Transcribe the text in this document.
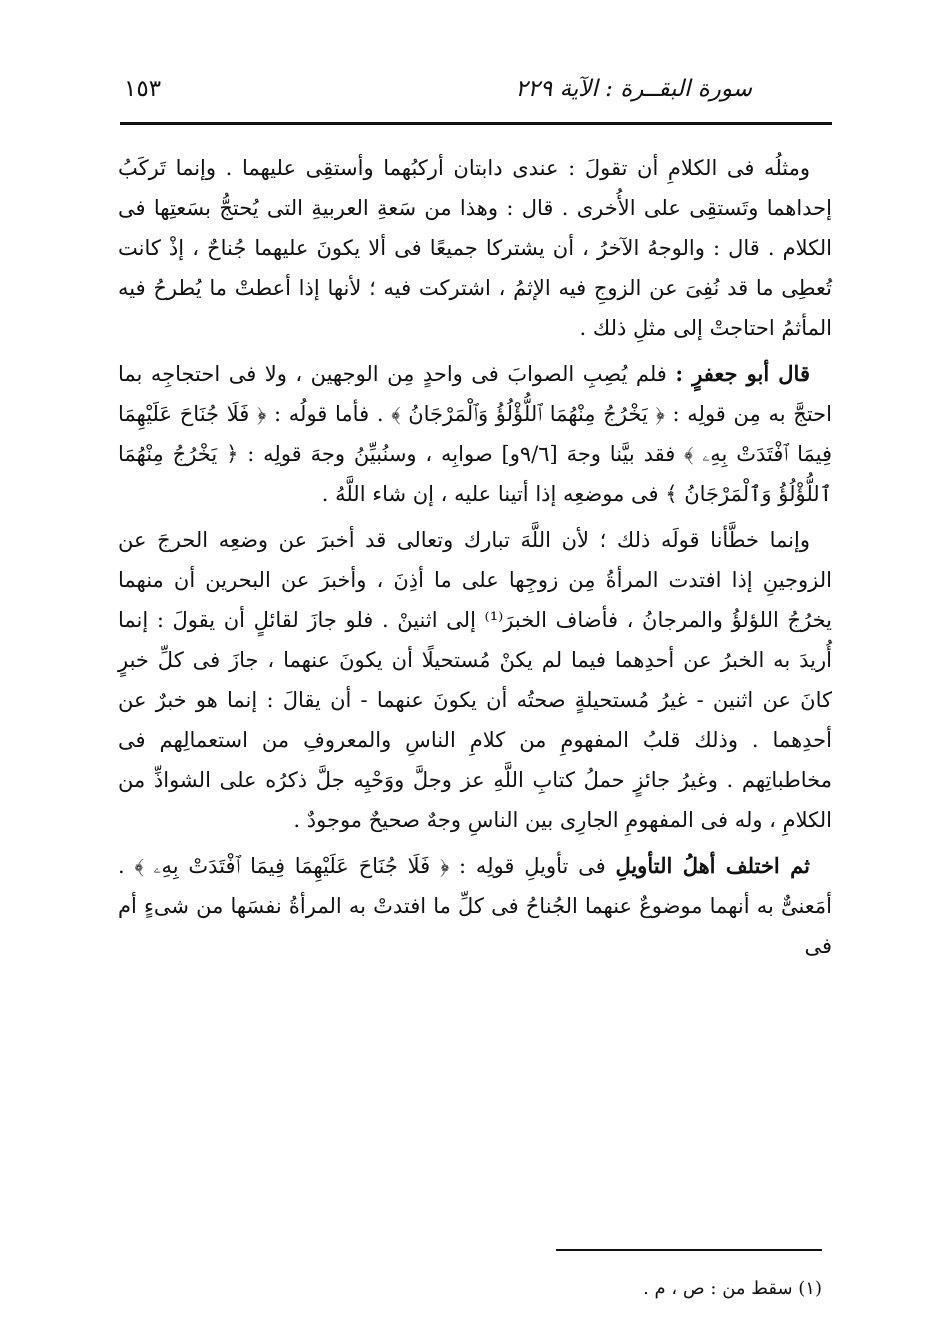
سورة البقــرة : الآية ٢٢٩
١٥٣

ومثلُه فى الكلامِ أن تقولَ : عندى دابتان أركبُهما وأستقِى عليهما . وإنما تَركَبُ إحداهما وتَستقِى على الأُخرى . قال : وهذا من سَعةِ العربيةِ التى يُحتجُّ بسَعتِها فى الكلام . قال : والوجهُ الآخرُ ، أن يشتركا جميعًا فى ألا يكونَ عليهما جُناحٌ ، إذْ كانت تُعطِى ما قد نُفِىَ عن الزوجِ فيه الإثمُ ، اشتركت فيه ؛ لأنها إذا أعطتْ ما يُطرحُ فيه المأثمُ احتاجتْ إلى مثلِ ذلك .

قال أبو جعفرٍ : فلم يُصِبِ الصوابَ فى واحدٍ مِن الوجهين ، ولا فى احتجاجِه بما احتجَّ به مِن قولِه : ﴿ يَخْرُجُ مِنْهُمَا ٱللُّؤْلُؤُ وَٱلْمَرْجَانُ ﴾ . فأما قولُه : ﴿ فَلَا جُنَاحَ عَلَيْهِمَا فِيمَا ٱفْتَدَتْ بِهِۦ ﴾ فقد بيَّنا وجهَ [٩/٦و] صوابِه ، وسنُبيِّنُ وجهَ قولِه : ﴿ يَخْرُجُ مِنْهُمَا ٱللُّؤْلُؤُ وَٱلْمَرْجَانُ ﴾ فى موضعِه إذا أتينا عليه ، إن شاء اللَّهُ .

وإنما خطَّأنا قولَه ذلك ؛ لأن اللَّهَ تبارك وتعالى قد أخبرَ عن وضعِه الحرجَ عن الزوجينِ إذا افتدت المرأةُ مِن زوجِها على ما أذِنَ ، وأخبرَ عن البحرين أن منهما يخرُجُ اللؤلؤُ والمرجانُ ، فأضاف الخبرَ⁽¹⁾ إلى اثنينْ . فلو جازَ لقائلٍ أن يقولَ : إنما أُريدَ به الخبرُ عن أحدِهما فيما لم يكنْ مُستحيلًا أن يكونَ عنهما ، جازَ فى كلِّ خبرٍ كانَ عن اثنين - غيرُ مُستحيلةٍ صحتُه أن يكونَ عنهما - أن يقالَ : إنما هو خبرٌ عن أحدِهما . وذلك قلبُ المفهومِ من كلامِ الناسِ والمعروفِ من استعمالِهم فى مخاطباتِهم . وغيرُ جائزٍ حملُ كتابِ اللَّهِ عز وجلَّ ووَحْيِه جلَّ ذكرُه على الشواذِّ من الكلامِ ، وله فى المفهومِ الجارِى بين الناسِ وجهٌ صحيحٌ موجودٌ .

ثم اختلف أهلُ التأويلِ فى تأويلِ قولِه : ﴿ فَلَا جُنَاحَ عَلَيْهِمَا فِيمَا ٱفْتَدَتْ بِهِۦ ﴾ . أمَعنىٌّ به أنهما موضوعٌ عنهما الجُناحُ فى كلِّ ما افتدتْ به المرأةُ نفسَها من شىءٍ أم فى

(١) سقط من : ص ، م .
